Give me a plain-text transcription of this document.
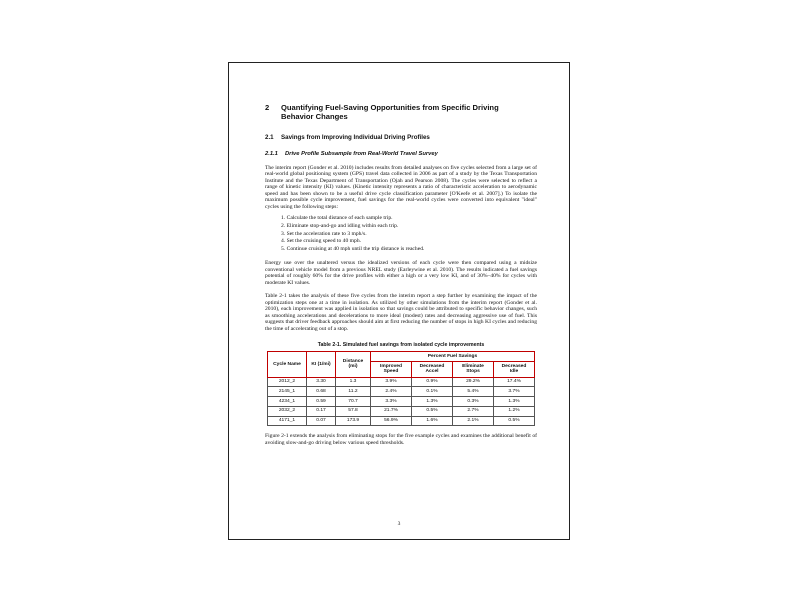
2	Quantifying Fuel-Saving Opportunities from Specific Driving Behavior Changes
2.1	Savings from Improving Individual Driving Profiles
2.1.1	Drive Profile Subsample from Real-World Travel Survey

The interim report (Gonder et al. 2010) includes results from detailed analyses on five cycles selected from a large set of real-world global positioning system (GPS) travel data collected in 2006 as part of a study by the Texas Transportation Institute and the Texas Department of Transportation (Ojah and Pearson 2008). The cycles were selected to reflect a range of kinetic intensity (KI) values. (Kinetic intensity represents a ratio of characteristic acceleration to aerodynamic speed and has been shown to be a useful drive cycle classification parameter [O'Keefe et al. 2007].) To isolate the maximum possible cycle improvement, fuel savings for the real-world cycles were converted into equivalent "ideal" cycles using the following steps:

1. Calculate the total distance of each sample trip.
2. Eliminate stop-and-go and idling within each trip.
3. Set the acceleration rate to 3 mph/s.
4. Set the cruising speed to 40 mph.
5. Continue cruising at 40 mph until the trip distance is reached.

Energy use over the unaltered versus the idealized versions of each cycle were then compared using a midsize conventional vehicle model from a previous NREL study (Earleywine et al. 2010). The results indicated a fuel savings potential of roughly 60% for the drive profiles with either a high or a very low KI, and of 30%–40% for cycles with moderate KI values.

Table 2-1 takes the analysis of these five cycles from the interim report a step further by examining the impact of the optimization steps one at a time in isolation. As utilized by other simulations from the interim report (Gonder et al. 2010), each improvement was applied in isolation so that savings could be attributed to specific behavior changes, such as smoothing accelerations and decelerations to more ideal (modest) rates and decreasing aggressive use of fuel. This suggests that driver feedback approaches should aim at first reducing the number of stops in high KI cycles and reducing the time of accelerating out of a stop.

Table 2-1. Simulated fuel savings from isolated cycle improvements
Cycle Name	KI (1/mi)	Distance (mi)	Percent Fuel Savings			
			Improved Speed	Decreased Accel	Eliminate Stops	Decreased Idle
2012_2	3.30	1.3	3.9%	0.9%	29.2%	17.4%
2145_1	0.68	11.2	2.4%	0.1%	5.4%	3.7%
4234_1	0.59	70.7	3.3%	1.3%	0.3%	1.3%
2032_2	0.17	57.8	21.7%	0.5%	2.7%	1.2%
4171_1	0.07	173.9	56.9%	1.6%	2.1%	0.5%

Figure 2-1 extends the analysis from eliminating stops for the five example cycles and examines the additional benefit of avoiding slow-and-go driving below various speed thresholds.

3
